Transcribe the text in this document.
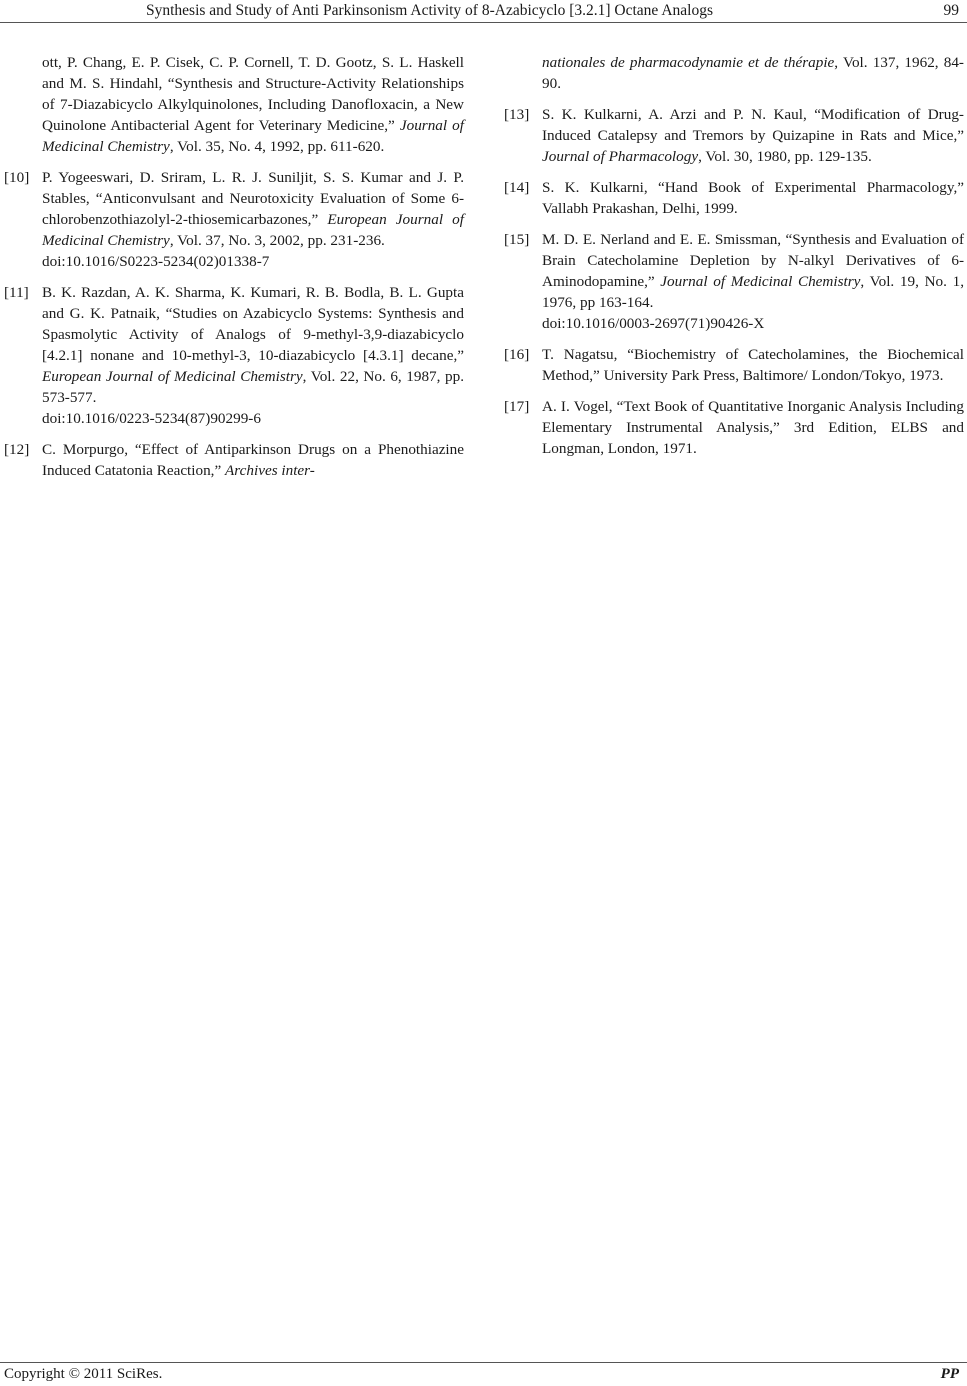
Synthesis and Study of Anti Parkinsonism Activity of 8-Azabicyclo [3.2.1] Octane Analogs	99

ott, P. Chang, E. P. Cisek, C. P. Cornell, T. D. Gootz, S. L. Haskell and M. S. Hindahl, “Synthesis and Structure-Activity Relationships of 7-Diazabicyclo Alkylquinolones, Including Danofloxacin, a New Quinolone Antibacterial Agent for Veterinary Medicine,” Journal of Medicinal Chemistry, Vol. 35, No. 4, 1992, pp. 611-620.

[10] P. Yogeeswari, D. Sriram, L. R. J. Suniljit, S. S. Kumar and J. P. Stables, “Anticonvulsant and Neurotoxicity Evaluation of Some 6-chlorobenzothiazolyl-2-thiosemicarbazones,” European Journal of Medicinal Chemistry, Vol. 37, No. 3, 2002, pp. 231-236.
doi:10.1016/S0223-5234(02)01338-7

[11] B. K. Razdan, A. K. Sharma, K. Kumari, R. B. Bodla, B. L. Gupta and G. K. Patnaik, “Studies on Azabicyclo Systems: Synthesis and Spasmolytic Activity of Analogs of 9-methyl-3,9-diazabicyclo [4.2.1] nonane and 10-methyl-3, 10-diazabicyclo [4.3.1] decane,” European Journal of Medicinal Chemistry, Vol. 22, No. 6, 1987, pp. 573-577.
doi:10.1016/0223-5234(87)90299-6

[12] C. Morpurgo, “Effect of Antiparkinson Drugs on a Phenothiazine Induced Catatonia Reaction,” Archives inter-

nationales de pharmacodynamie et de thérapie, Vol. 137, 1962, 84-90.

[13] S. K. Kulkarni, A. Arzi and P. N. Kaul, “Modification of Drug-Induced Catalepsy and Tremors by Quizapine in Rats and Mice,” Journal of Pharmacology, Vol. 30, 1980, pp. 129-135.

[14] S. K. Kulkarni, “Hand Book of Experimental Pharmacology,” Vallabh Prakashan, Delhi, 1999.

[15] M. D. E. Nerland and E. E. Smissman, “Synthesis and Evaluation of Brain Catecholamine Depletion by N-alkyl Derivatives of 6-Aminodopamine,” Journal of Medicinal Chemistry, Vol. 19, No. 1, 1976, pp 163-164.
doi:10.1016/0003-2697(71)90426-X

[16] T. Nagatsu, “Biochemistry of Catecholamines, the Biochemical Method,” University Park Press, Baltimore/ London/Tokyo, 1973.

[17] A. I. Vogel, “Text Book of Quantitative Inorganic Analysis Including Elementary Instrumental Analysis,” 3rd Edition, ELBS and Longman, London, 1971.

Copyright © 2011 SciRes.	PP
